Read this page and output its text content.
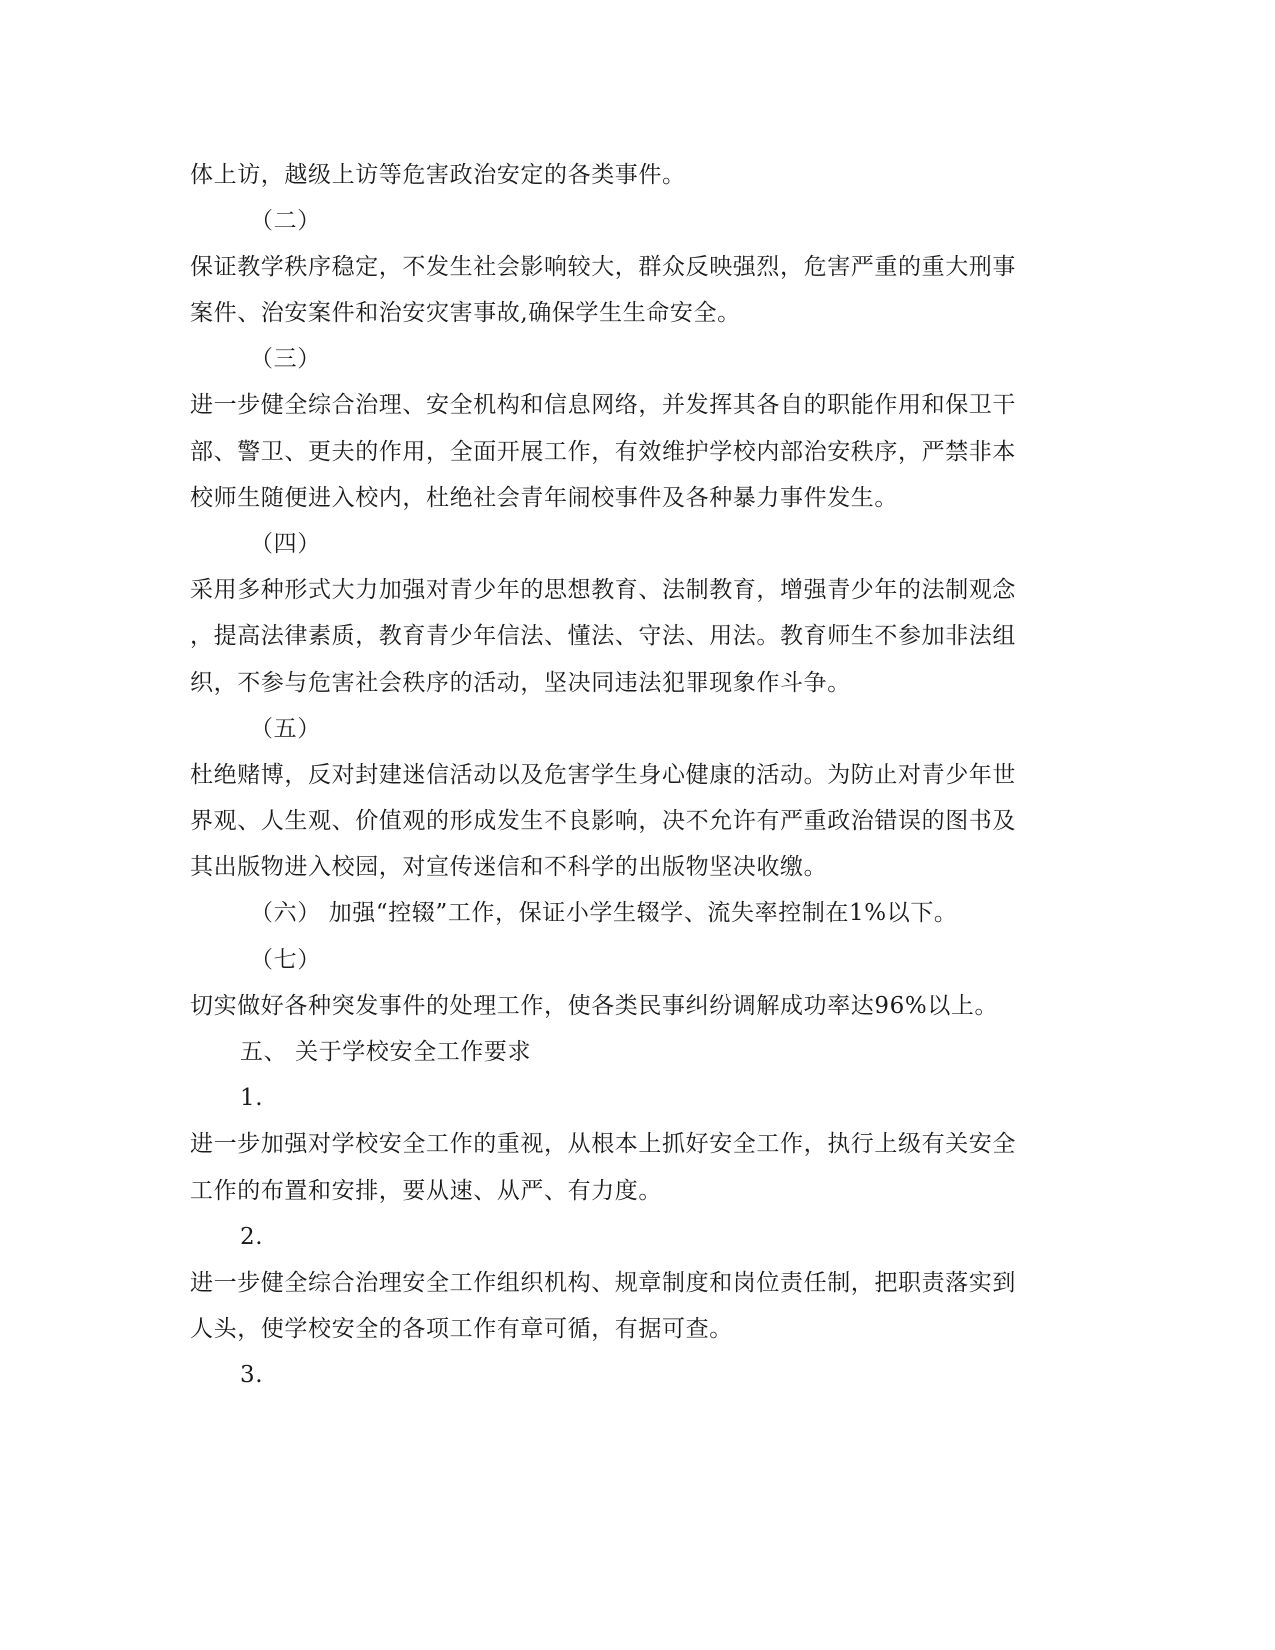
体上访，越级上访等危害政治安定的各类事件。
（二）
保证教学秩序稳定，不发生社会影响较大，群众反映强烈，危害严重的重大刑事
案件、治安案件和治安灾害事故,确保学生生命安全。
（三）
进一步健全综合治理、安全机构和信息网络，并发挥其各自的职能作用和保卫干
部、警卫、更夫的作用，全面开展工作，有效维护学校内部治安秩序，严禁非本
校师生随便进入校内，杜绝社会青年闹校事件及各种暴力事件发生。
（四）
采用多种形式大力加强对青少年的思想教育、法制教育，增强青少年的法制观念
，提高法律素质，教育青少年信法、懂法、守法、用法。教育师生不参加非法组
织，不参与危害社会秩序的活动，坚决同违法犯罪现象作斗争。
（五）
杜绝赌博，反对封建迷信活动以及危害学生身心健康的活动。为防止对青少年世
界观、人生观、价值观的形成发生不良影响，决不允许有严重政治错误的图书及
其出版物进入校园，对宣传迷信和不科学的出版物坚决收缴。
（六） 加强“控辍”工作，保证小学生辍学、流失率控制在1%以下。
（七）
切实做好各种突发事件的处理工作，使各类民事纠纷调解成功率达96%以上。
五、 关于学校安全工作要求
1.
进一步加强对学校安全工作的重视，从根本上抓好安全工作，执行上级有关安全
工作的布置和安排，要从速、从严、有力度。
2.
进一步健全综合治理安全工作组织机构、规章制度和岗位责任制，把职责落实到
人头，使学校安全的各项工作有章可循，有据可查。
3.
